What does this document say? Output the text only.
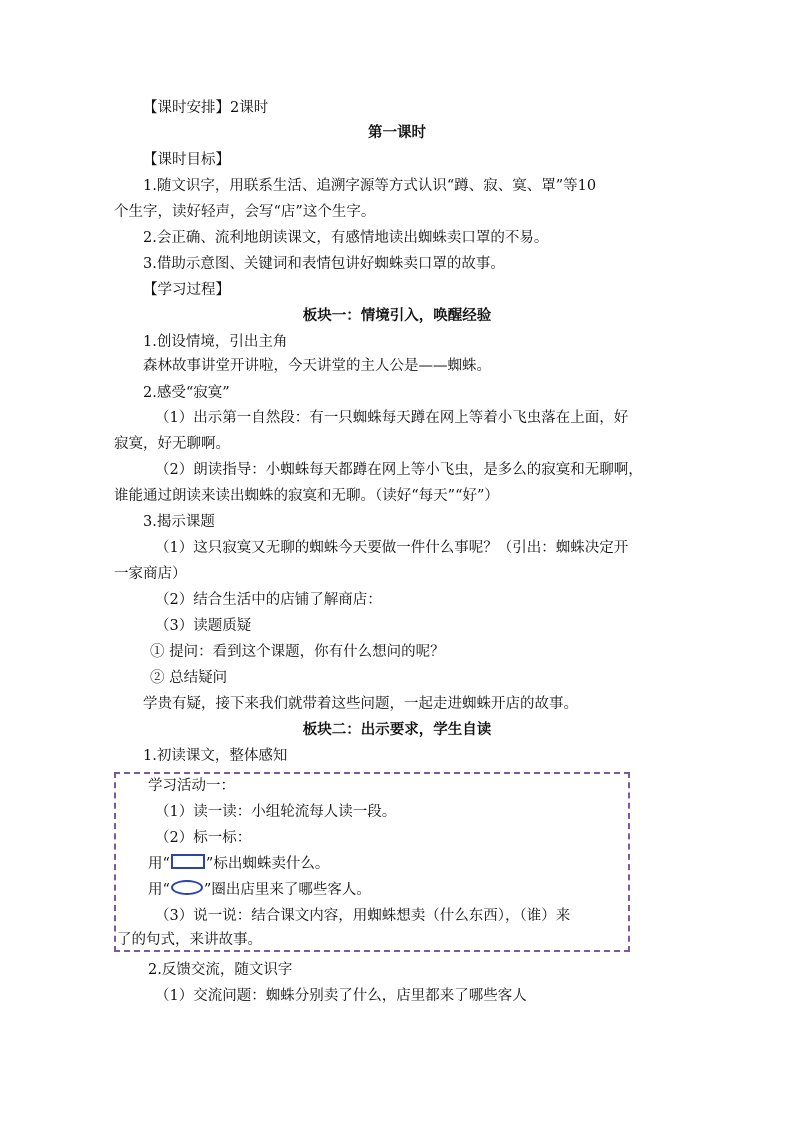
【课时安排】2课时
第一课时
【课时目标】
1.随文识字，用联系生活、追溯字源等方式认识“蹲、寂、寞、罩”等10
个生字，读好轻声，会写“店”这个生字。
2.会正确、流利地朗读课文，有感情地读出蜘蛛卖口罩的不易。
3.借助示意图、关键词和表情包讲好蜘蛛卖口罩的故事。
【学习过程】
板块一：情境引入，唤醒经验
1.创设情境，引出主角
森林故事讲堂开讲啦，今天讲堂的主人公是——蜘蛛。
2.感受“寂寞”
（1）出示第一自然段：有一只蜘蛛每天蹲在网上等着小飞虫落在上面，好
寂寞，好无聊啊。
（2）朗读指导：小蜘蛛每天都蹲在网上等小飞虫，是多么的寂寞和无聊啊，
谁能通过朗读来读出蜘蛛的寂寞和无聊。（读好“每天”“好”）
3.揭示课题
（1）这只寂寞又无聊的蜘蛛今天要做一件什么事呢？（引出：蜘蛛决定开
一家商店）
（2）结合生活中的店铺了解商店：
（3）读题质疑
① 提问：看到这个课题，你有什么想问的呢？
② 总结疑问
学贵有疑，接下来我们就带着这些问题，一起走进蜘蛛开店的故事。
板块二：出示要求，学生自读
1.初读课文，整体感知
学习活动一：
（1）读一读：小组轮流每人读一段。
（2）标一标：
用“ ”标出蜘蛛卖什么。
用“ ”圈出店里来了哪些客人。
（3）说一说：结合课文内容，用蜘蛛想卖（什么东西），（谁）来
了的句式，来讲故事。
2.反馈交流，随文识字
（1）交流问题：蜘蛛分别卖了什么，店里都来了哪些客人
